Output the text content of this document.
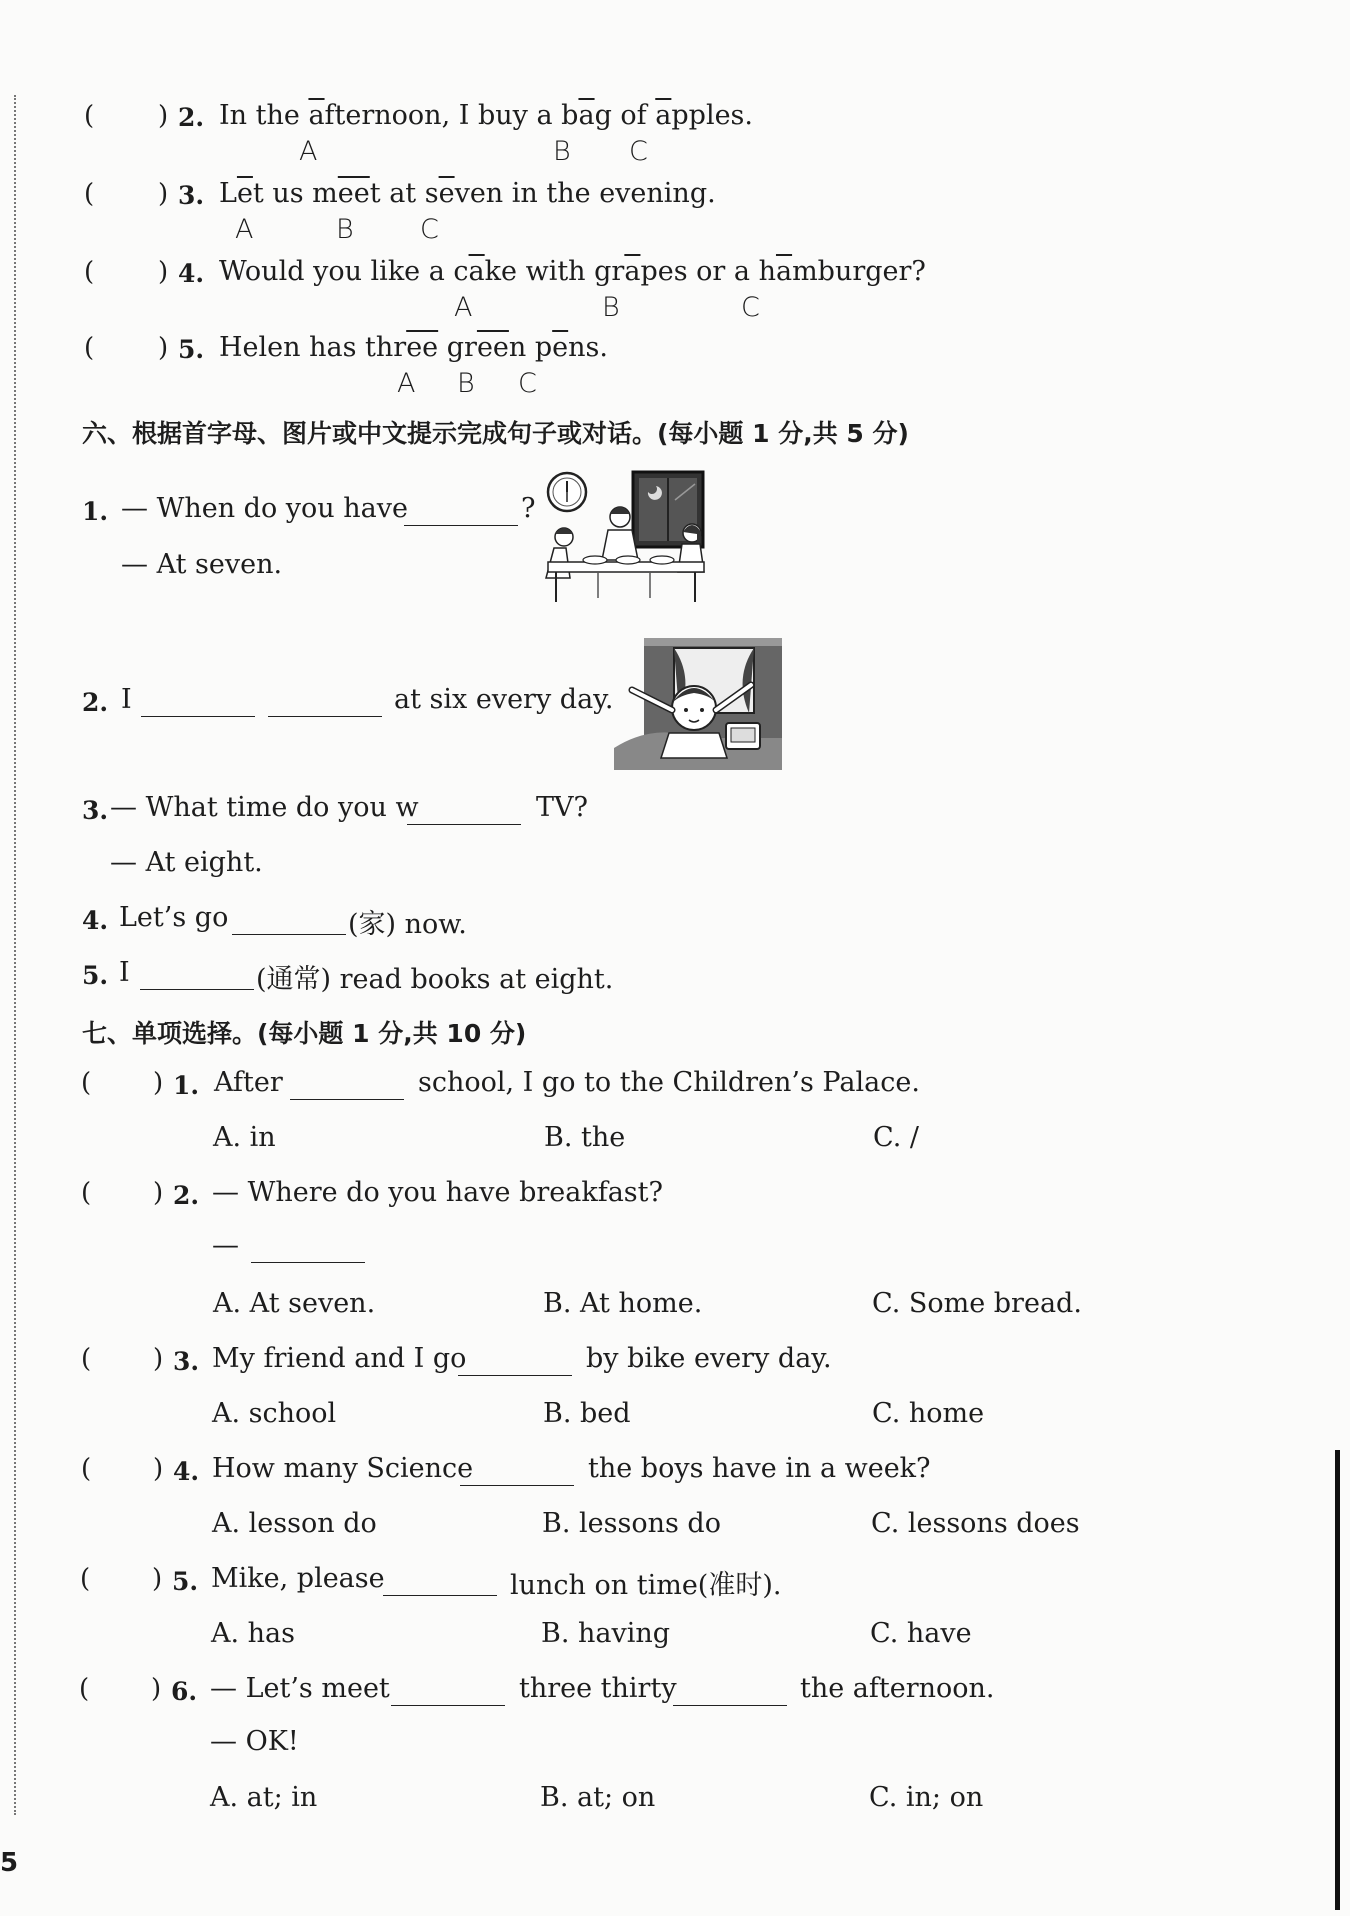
( ) 2. In the $\overline{a}fternoon$, I buy a $b\overline{a}g$ of $\overline{a}pples$.
A	B C
( ) 3. $L\overline{e}t$ us $m\overline{ee}t$ at $s\overline{e}ven$ in the evening.
A	B C
( ) 4. Would you like a $c\overline{a}ke$ with $gr\overline{a}pes$ or a $h\overline{a}mburger$?
A	B	C
( ) 5. Helen has $thr\overline{ee}$ $gr\overline{ee}n$ $p\overline{e}ns$.
A B C
六、根据首字母、图片或中文提示完成句子或对话。(每小题 1 分,共 5 分)
1. — When do you have	?
— At seven.
2. I	at six every day.
3. — What time do you w	TV?
— At eight.
4. Let’s go	(家) now.
5. I	(通常) read books at eight.
七、单项选择。(每小题 1 分,共 10 分)
( ) 1. After	school, I go to the Children’s Palace.
A. in	B. the	C. /
( ) 2. — Where do you have breakfast?
—
A. At seven.	B. At home.	C. Some bread.
( ) 3. My friend and I go	by bike every day.
A. school	B. bed	C. home
( ) 4. How many Science	the boys have in a week?
A. lesson do	B. lessons do	C. lessons does
( ) 5. Mike, please	lunch on time(准时).
A. has	B. having	C. have
( ) 6. — Let’s meet	three thirty	the afternoon.
— OK!
A. at; in	B. at; on	C. in; on
5
